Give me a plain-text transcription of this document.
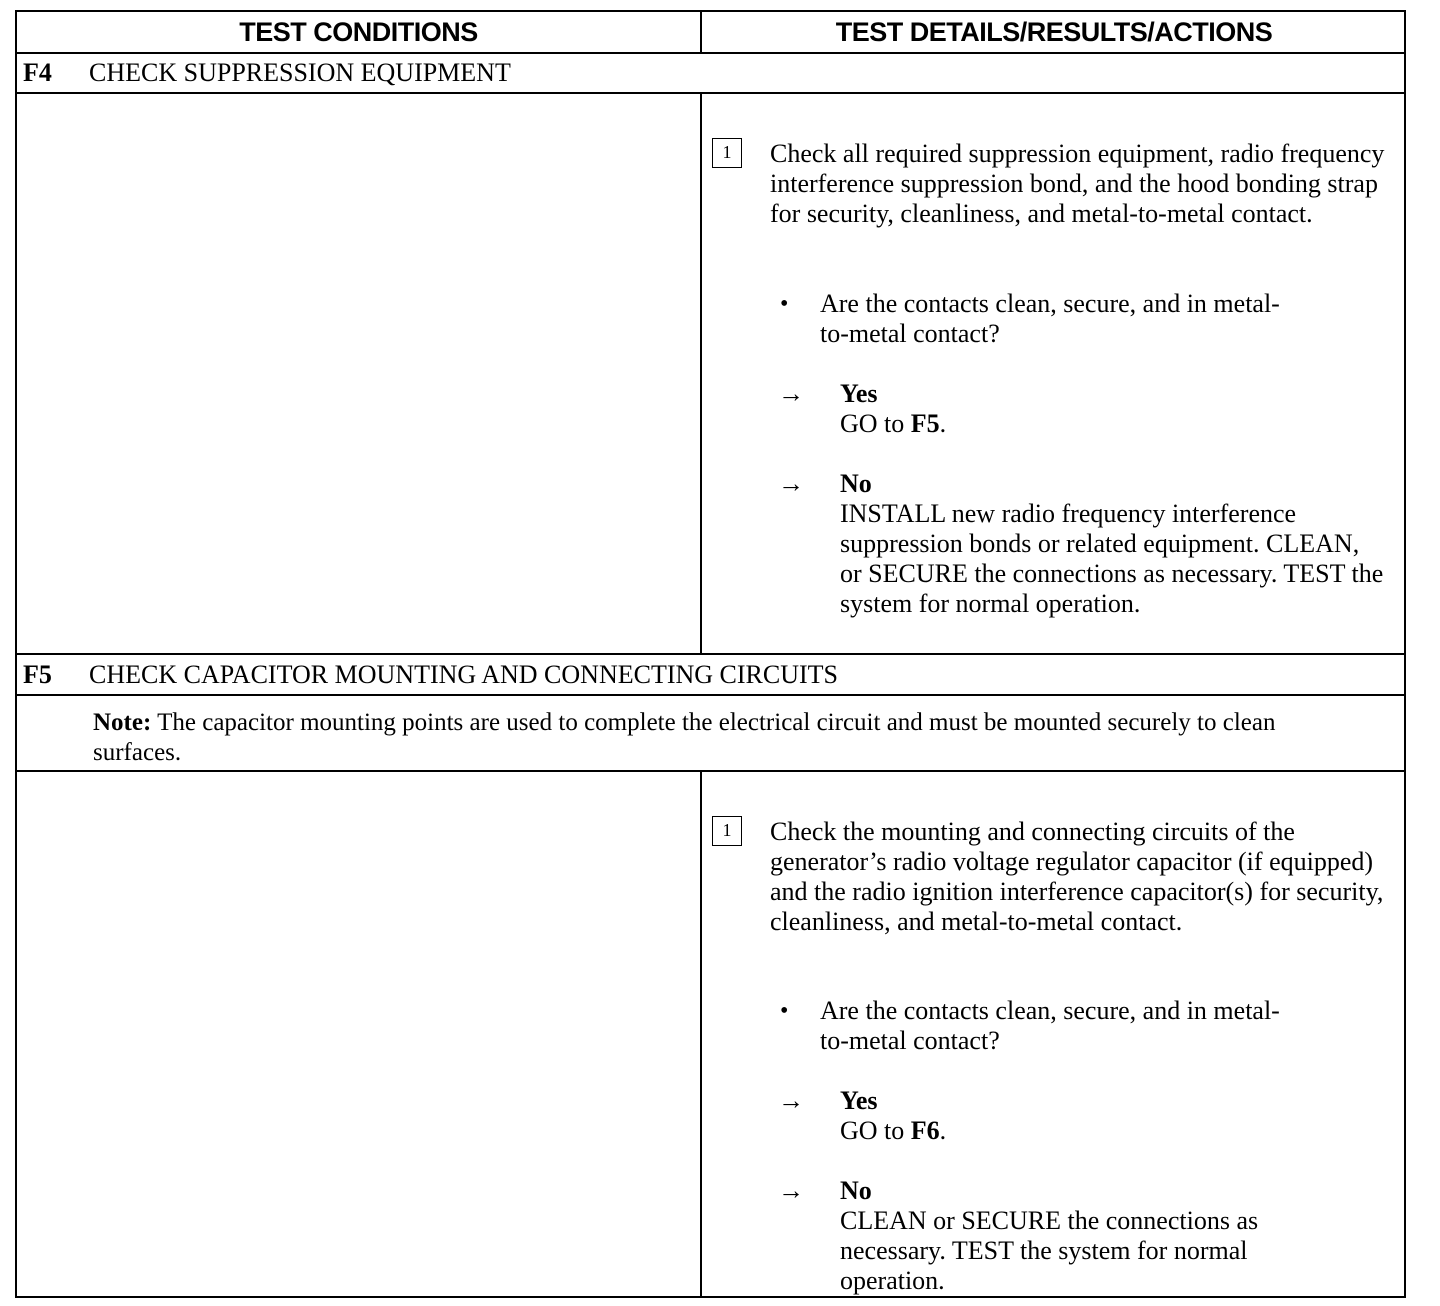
TEST CONDITIONS	TEST DETAILS/RESULTS/ACTIONS
F4 CHECK SUPPRESSION EQUIPMENT
1	Check all required suppression equipment, radio frequency interference suppression bond, and the hood bonding strap for security, cleanliness, and metal-to-metal contact.
• Are the contacts clean, secure, and in metal-to-metal contact?
→ Yes
GO to F5.
→ No
INSTALL new radio frequency interference suppression bonds or related equipment. CLEAN, or SECURE the connections as necessary. TEST the system for normal operation.
F5 CHECK CAPACITOR MOUNTING AND CONNECTING CIRCUITS
Note: The capacitor mounting points are used to complete the electrical circuit and must be mounted securely to clean surfaces.
1	Check the mounting and connecting circuits of the generator’s radio voltage regulator capacitor (if equipped) and the radio ignition interference capacitor(s) for security, cleanliness, and metal-to-metal contact.
• Are the contacts clean, secure, and in metal-to-metal contact?
→ Yes
GO to F6.
→ No
CLEAN or SECURE the connections as necessary. TEST the system for normal operation.
